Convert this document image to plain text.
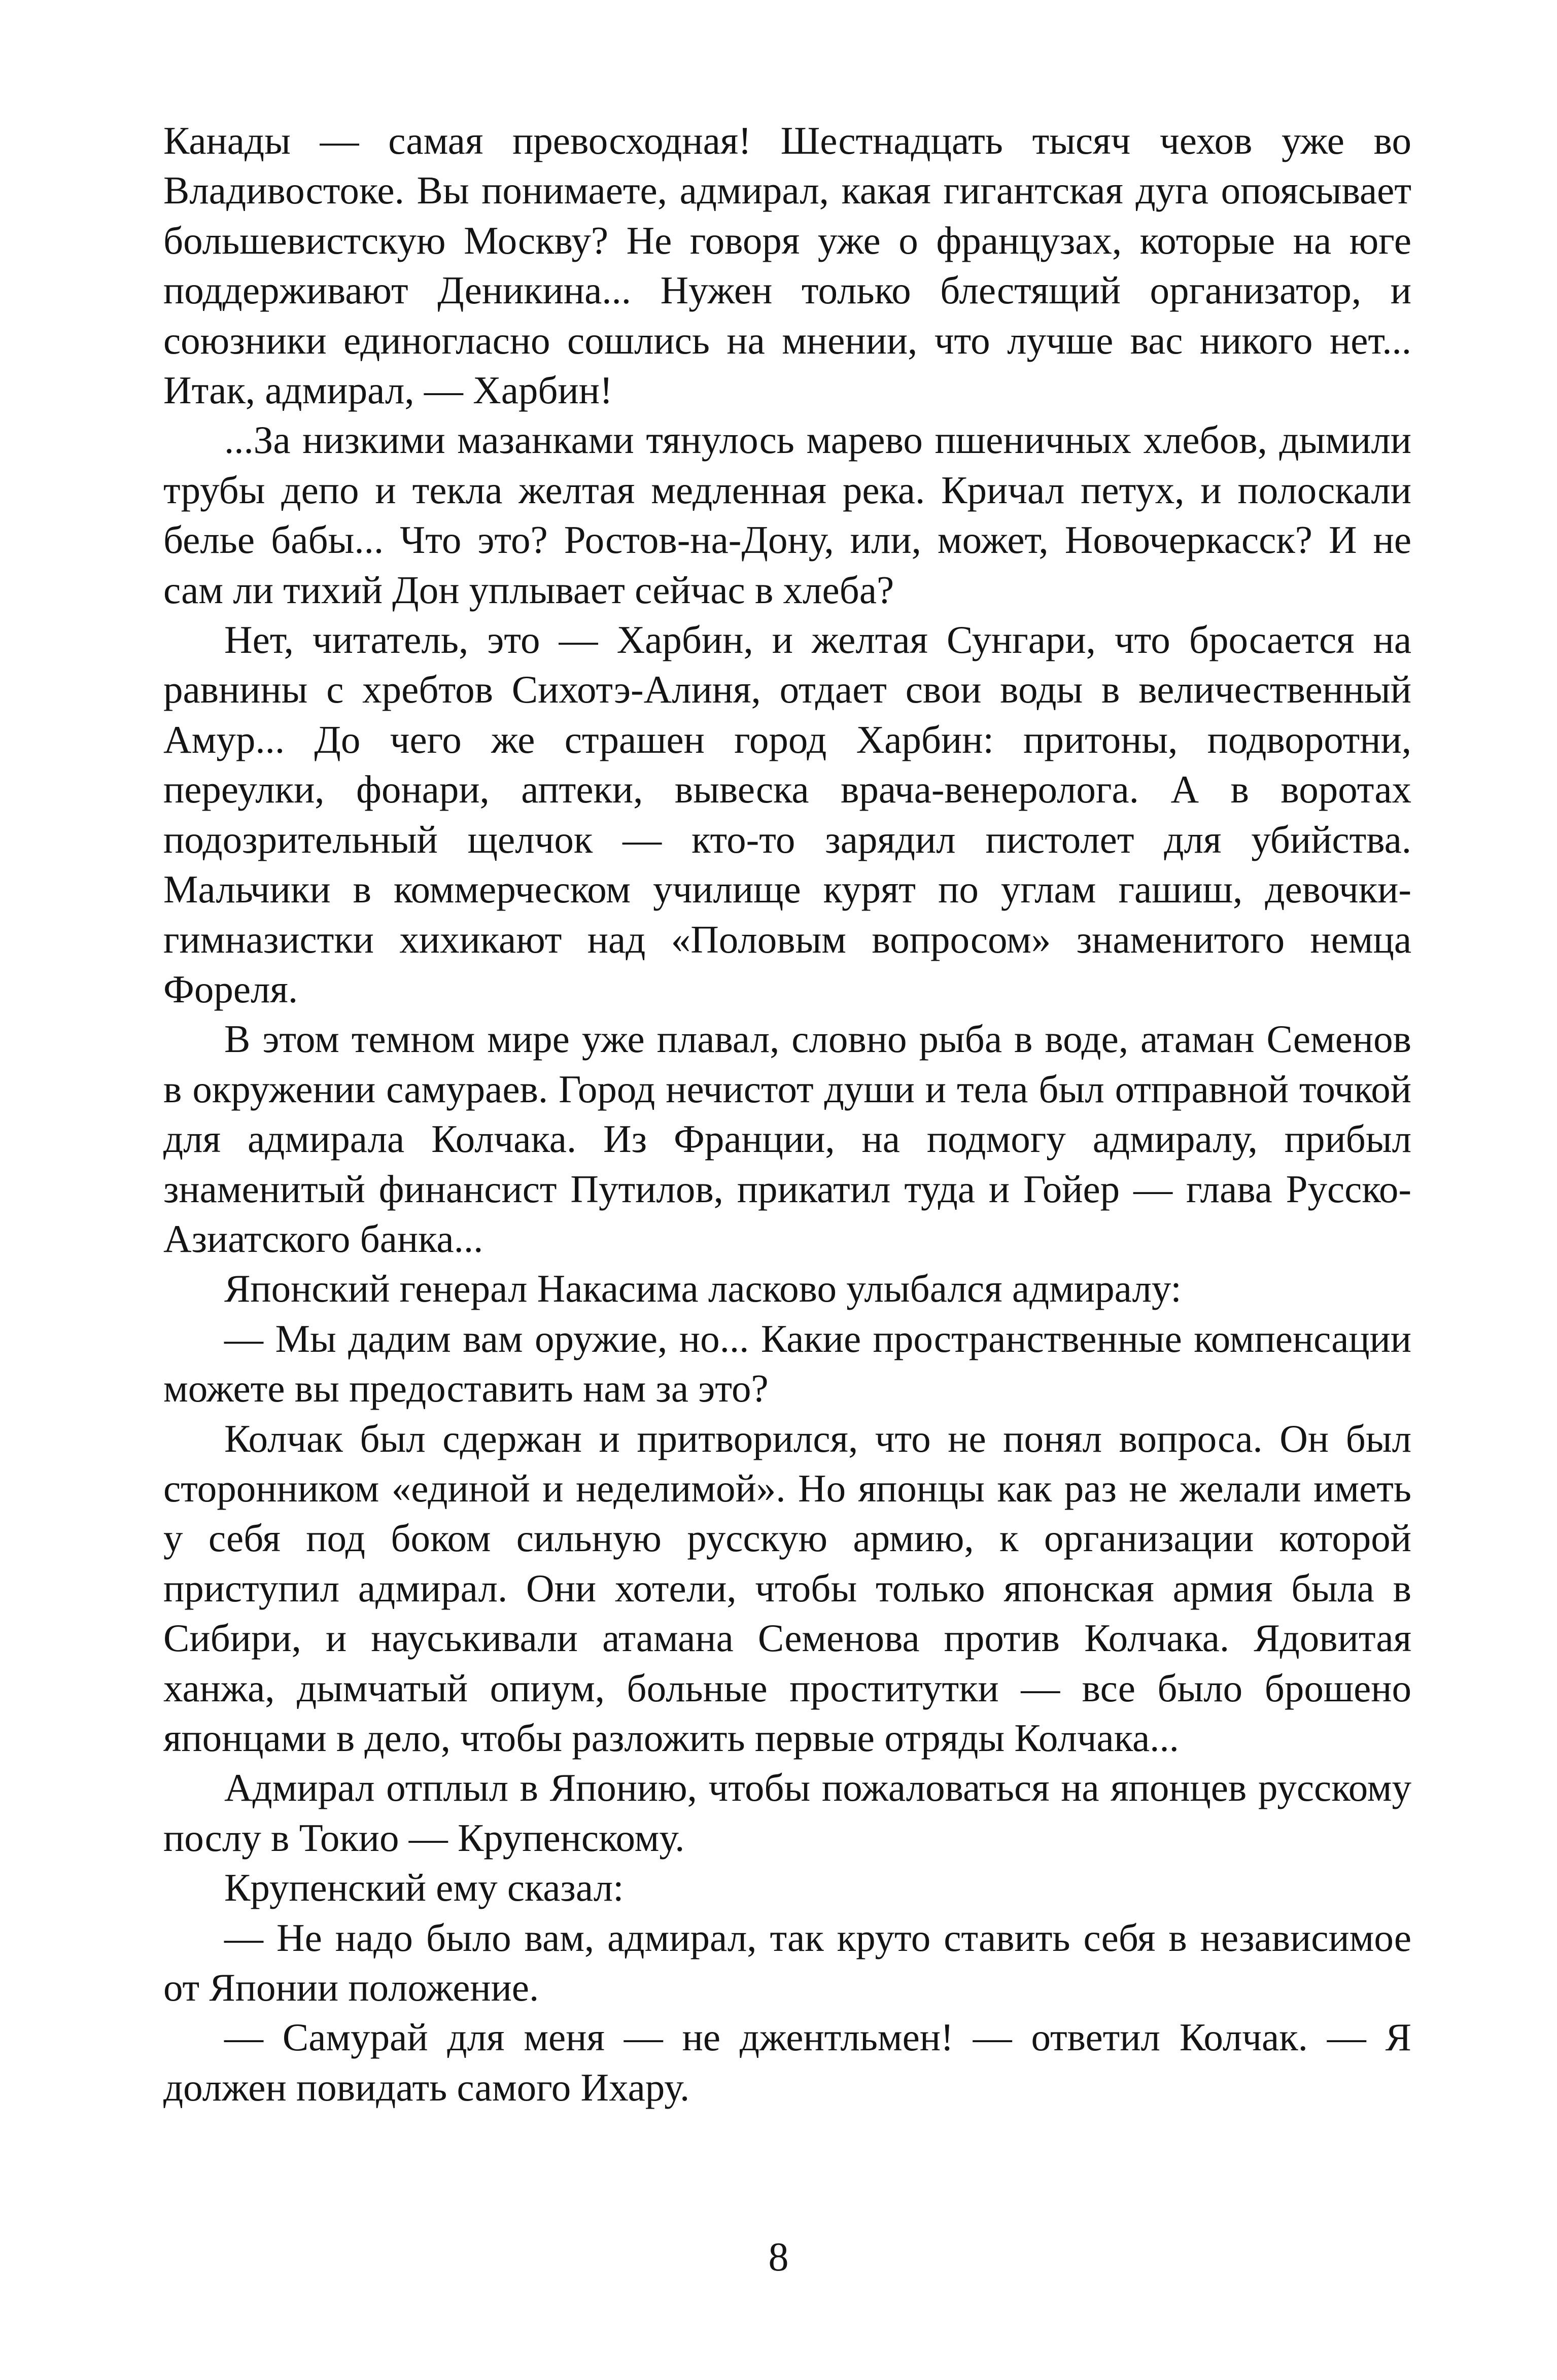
Канады — самая превосходная! Шестнадцать тысяч чехов уже во Владивостоке. Вы понимаете, адмирал, какая гигантская дуга опоясывает большевистскую Москву? Не говоря уже о французах, которые на юге поддерживают Деникина... Нужен только блестящий организатор, и союзники единогласно сошлись на мнении, что лучше вас никого нет... Итак, адмирал, — Харбин!

...За низкими мазанками тянулось марево пшеничных хлебов, дымили трубы депо и текла желтая медленная река. Кричал петух, и полоскали белье бабы... Что это? Ростов-на-Дону, или, может, Новочеркасск? И не сам ли тихий Дон уплывает сейчас в хлеба?

Нет, читатель, это — Харбин, и желтая Сунгари, что бросается на равнины с хребтов Сихотэ-Алиня, отдает свои воды в величественный Амур... До чего же страшен город Харбин: притоны, подворотни, переулки, фонари, аптеки, вывеска врача-венеролога. А в воротах подозрительный щелчок — кто-то зарядил пистолет для убийства. Мальчики в коммерческом училище курят по углам гашиш, девочки-гимназистки хихикают над «Половым вопросом» знаменитого немца Фореля.

В этом темном мире уже плавал, словно рыба в воде, атаман Семенов в окружении самураев. Город нечистот души и тела был отправной точкой для адмирала Колчака. Из Франции, на подмогу адмиралу, прибыл знаменитый финансист Путилов, прикатил туда и Гойер — глава Русско-Азиатского банка...

Японский генерал Накасима ласково улыбался адмиралу:

— Мы дадим вам оружие, но... Какие пространственные компенсации можете вы предоставить нам за это?

Колчак был сдержан и притворился, что не понял вопроса. Он был сторонником «единой и неделимой». Но японцы как раз не желали иметь у себя под боком сильную русскую армию, к организации которой приступил адмирал. Они хотели, чтобы только японская армия была в Сибири, и науськивали атамана Семенова против Колчака. Ядовитая ханжа, дымчатый опиум, больные проститутки — все было брошено японцами в дело, чтобы разложить первые отряды Колчака...

Адмирал отплыл в Японию, чтобы пожаловаться на японцев русскому послу в Токио — Крупенскому.

Крупенский ему сказал:

— Не надо было вам, адмирал, так круто ставить себя в независимое от Японии положение.

— Самурай для меня — не джентльмен! — ответил Колчак. — Я должен повидать самого Ихару.

8
